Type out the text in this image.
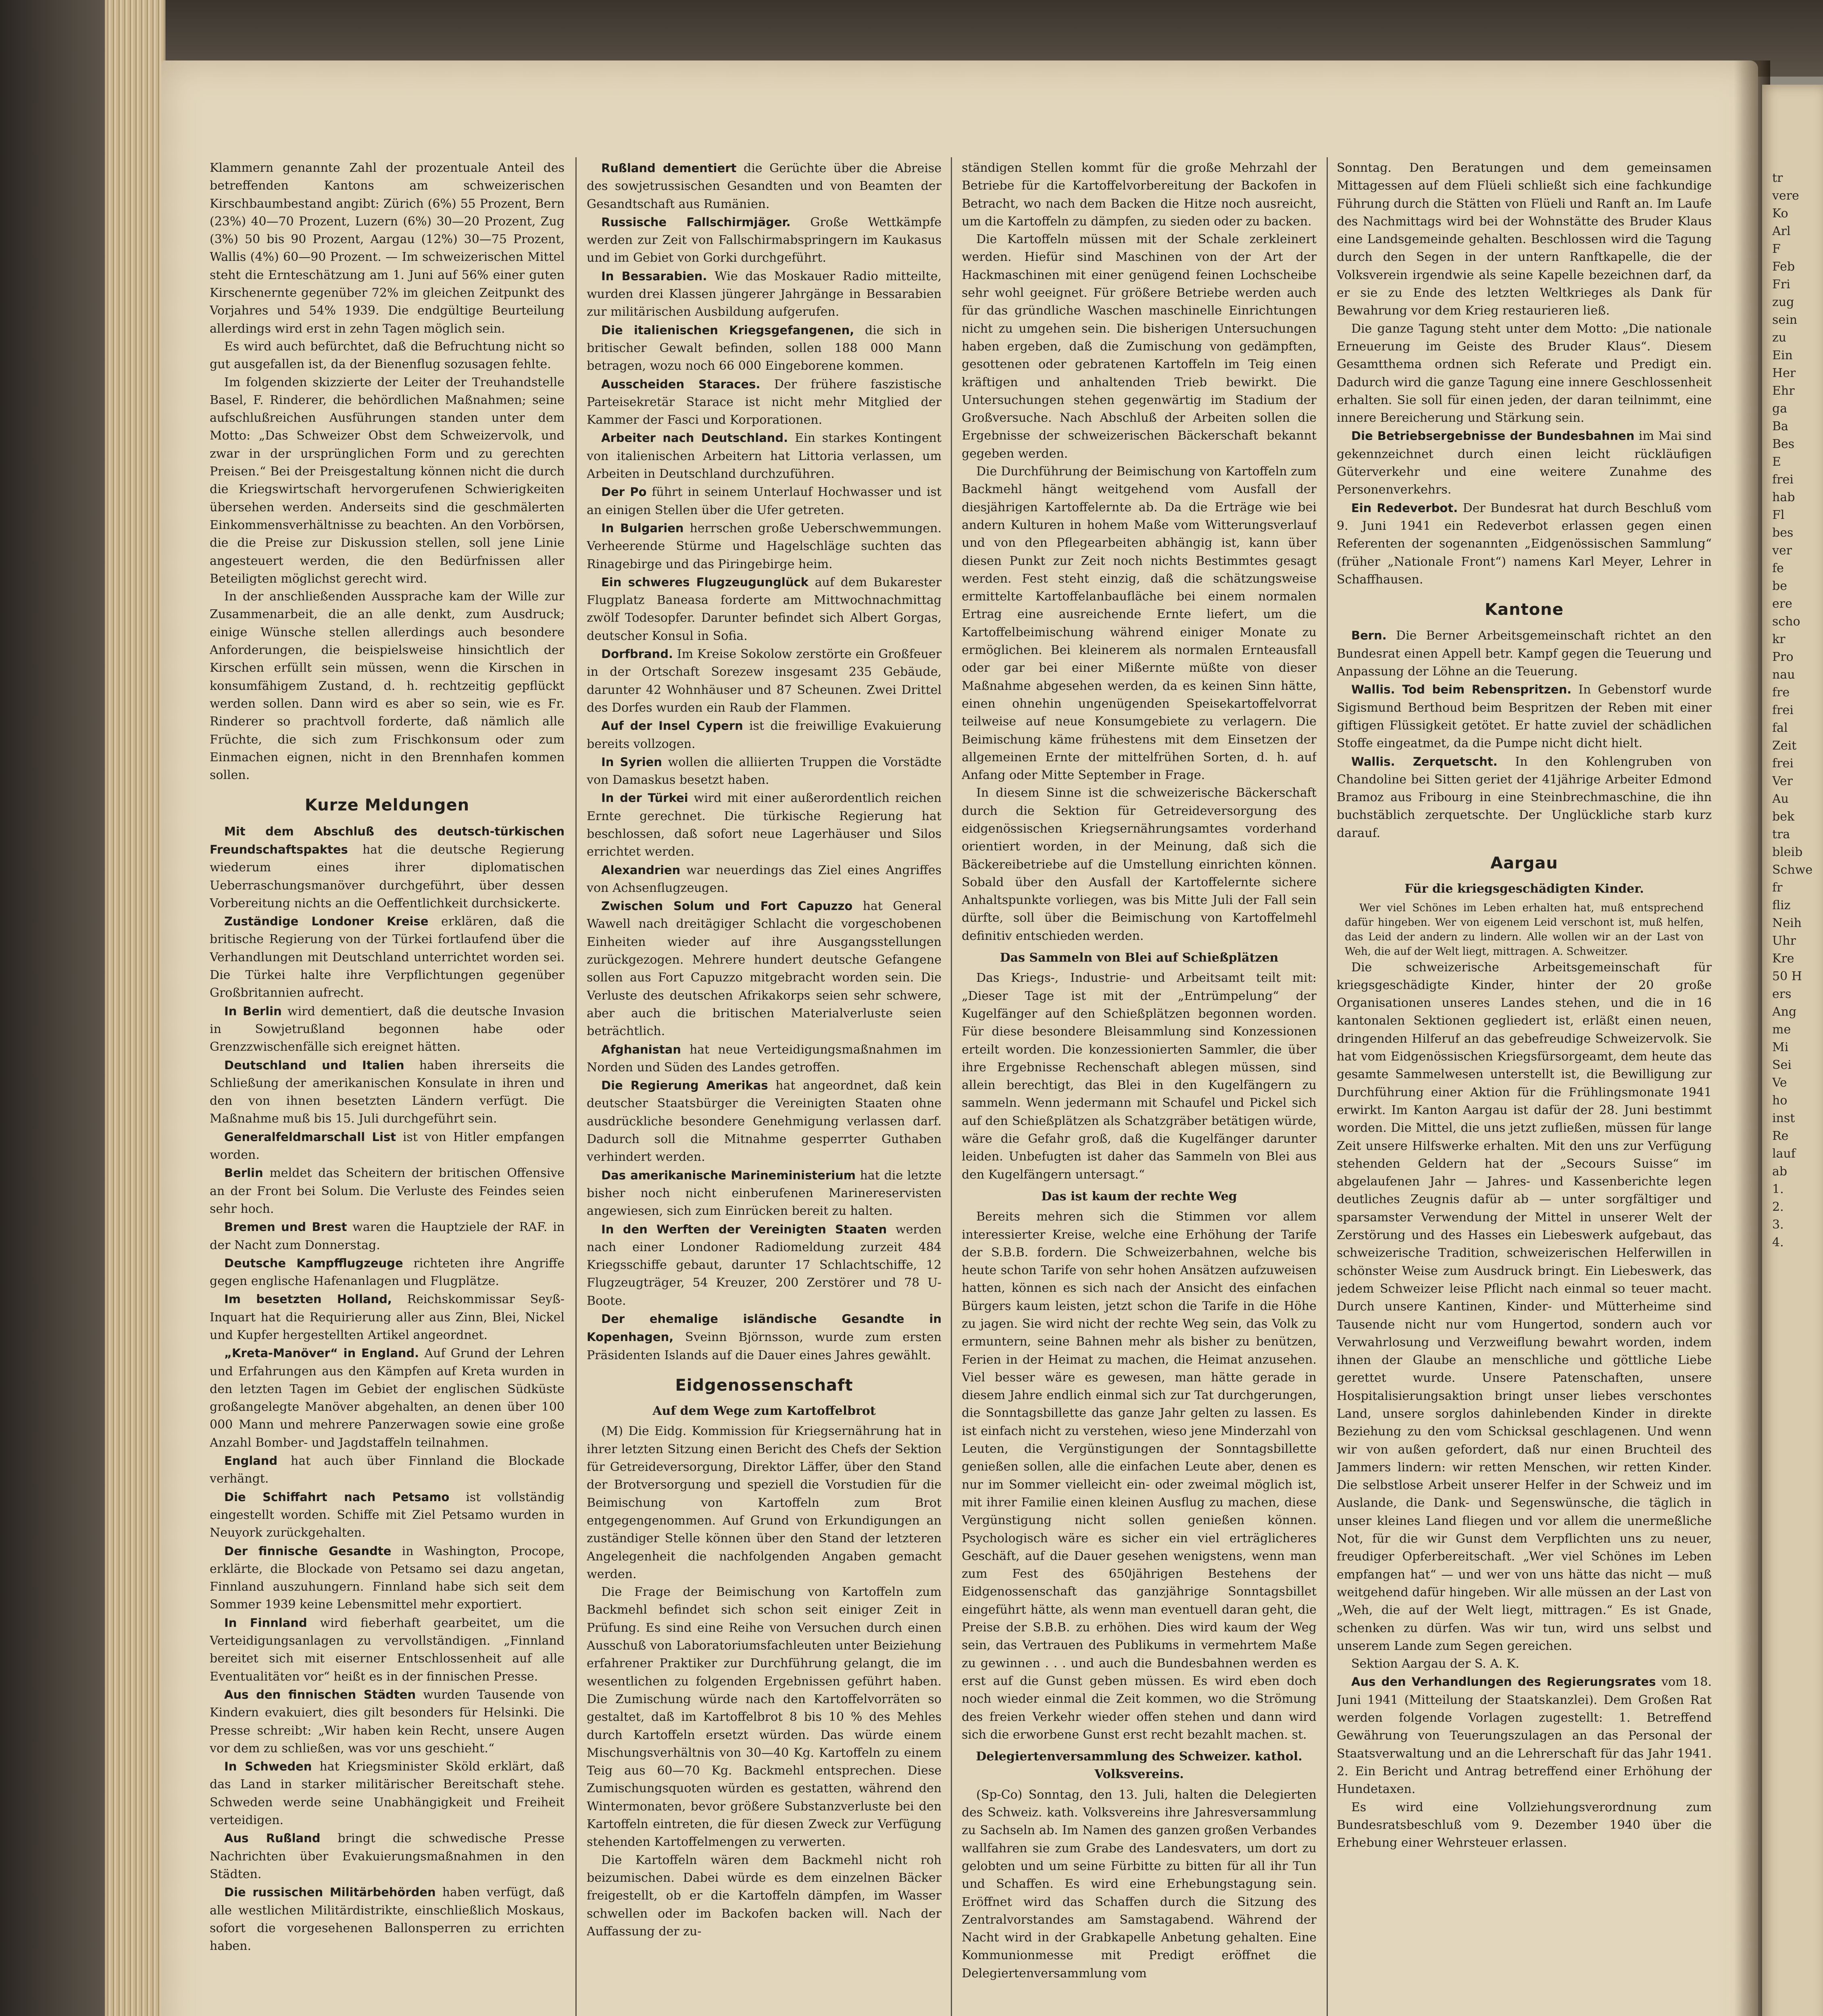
Klammern genannte Zahl der prozentuale Anteil des betreffenden Kantons am schweizerischen Kirschbaumbestand angibt: Zürich (6%) 55 Prozent, Bern (23%) 40—70 Prozent, Luzern (6%) 30—20 Prozent, Zug (3%) 50 bis 90 Prozent, Aargau (12%) 30—75 Prozent, Wallis (4%) 60—90 Prozent. — Im schweizerischen Mittel steht die Ernteschätzung am 1. Juni auf 56% einer guten Kirschenernte gegenüber 72% im gleichen Zeitpunkt des Vorjahres und 54% 1939. Die endgültige Beurteilung allerdings wird erst in zehn Tagen möglich sein.

Es wird auch befürchtet, daß die Befruchtung nicht so gut ausgefallen ist, da der Bienenflug sozusagen fehlte.

Im folgenden skizzierte der Leiter der Treuhandstelle Basel, F. Rinderer, die behördlichen Maßnahmen; seine aufschlußreichen Ausführungen standen unter dem Motto: „Das Schweizer Obst dem Schweizervolk, und zwar in der ursprünglichen Form und zu gerechten Preisen.“ Bei der Preisgestaltung können nicht die durch die Kriegswirtschaft hervorgerufenen Schwierigkeiten übersehen werden. Anderseits sind die geschmälerten Einkommensverhältnisse zu beachten. An den Vorbörsen, die die Preise zur Diskussion stellen, soll jene Linie angesteuert werden, die den Bedürfnissen aller Beteiligten möglichst gerecht wird.

In der anschließenden Aussprache kam der Wille zur Zusammenarbeit, die an alle denkt, zum Ausdruck; einige Wünsche stellen allerdings auch besondere Anforderungen, die beispielsweise hinsichtlich der Kirschen erfüllt sein müssen, wenn die Kirschen in konsumfähigem Zustand, d. h. rechtzeitig gepflückt werden sollen. Dann wird es aber so sein, wie es Fr. Rinderer so prachtvoll forderte, daß nämlich alle Früchte, die sich zum Frischkonsum oder zum Einmachen eignen, nicht in den Brennhafen kommen sollen.

Kurze Meldungen

Mit dem Abschluß des deutsch-türkischen Freundschaftspaktes hat die deutsche Regierung wiederum eines ihrer diplomatischen Ueberraschungsmanöver durchgeführt, über dessen Vorbereitung nichts an die Oeffentlichkeit durchsickerte.

Zuständige Londoner Kreise erklären, daß die britische Regierung von der Türkei fortlaufend über die Verhandlungen mit Deutschland unterrichtet worden sei. Die Türkei halte ihre Verpflichtungen gegenüber Großbritannien aufrecht.

In Berlin wird dementiert, daß die deutsche Invasion in Sowjetrußland begonnen habe oder Grenzzwischenfälle sich ereignet hätten.

Deutschland und Italien haben ihrerseits die Schließung der amerikanischen Konsulate in ihren und den von ihnen besetzten Ländern verfügt. Die Maßnahme muß bis 15. Juli durchgeführt sein.

Generalfeldmarschall List ist von Hitler empfangen worden.

Berlin meldet das Scheitern der britischen Offensive an der Front bei Solum. Die Verluste des Feindes seien sehr hoch.

Bremen und Brest waren die Hauptziele der RAF. in der Nacht zum Donnerstag.

Deutsche Kampfflugzeuge richteten ihre Angriffe gegen englische Hafenanlagen und Flugplätze.

Im besetzten Holland, Reichskommissar Seyß-Inquart hat die Requirierung aller aus Zinn, Blei, Nickel und Kupfer hergestellten Artikel angeordnet.

„Kreta-Manöver“ in England. Auf Grund der Lehren und Erfahrungen aus den Kämpfen auf Kreta wurden in den letzten Tagen im Gebiet der englischen Südküste großangelegte Manöver abgehalten, an denen über 100 000 Mann und mehrere Panzerwagen sowie eine große Anzahl Bomber- und Jagdstaffeln teilnahmen.

England hat auch über Finnland die Blockade verhängt.

Die Schiffahrt nach Petsamo ist vollständig eingestellt worden. Schiffe mit Ziel Petsamo wurden in Neuyork zurückgehalten.

Der finnische Gesandte in Washington, Procope, erklärte, die Blockade von Petsamo sei dazu angetan, Finnland auszuhungern. Finnland habe sich seit dem Sommer 1939 keine Lebensmittel mehr exportiert.

In Finnland wird fieberhaft gearbeitet, um die Verteidigungsanlagen zu vervollständigen. „Finnland bereitet sich mit eiserner Entschlossenheit auf alle Eventualitäten vor“ heißt es in der finnischen Presse.

Aus den finnischen Städten wurden Tausende von Kindern evakuiert, dies gilt besonders für Helsinki. Die Presse schreibt: „Wir haben kein Recht, unsere Augen vor dem zu schließen, was vor uns geschieht.“

In Schweden hat Kriegsminister Sköld erklärt, daß das Land in starker militärischer Bereitschaft stehe. Schweden werde seine Unabhängigkeit und Freiheit verteidigen.

Aus Rußland bringt die schwedische Presse Nachrichten über Evakuierungsmaßnahmen in den Städten.

Die russischen Militärbehörden haben verfügt, daß alle westlichen Militärdistrikte, einschließlich Moskaus, sofort die vorgesehenen Ballonsperren zu errichten haben.

Rußland dementiert die Gerüchte über die Abreise des sowjetrussischen Gesandten und von Beamten der Gesandtschaft aus Rumänien.

Russische Fallschirmjäger. Große Wettkämpfe werden zur Zeit von Fallschirmabspringern im Kaukasus und im Gebiet von Gorki durchgeführt.

In Bessarabien. Wie das Moskauer Radio mitteilte, wurden drei Klassen jüngerer Jahrgänge in Bessarabien zur militärischen Ausbildung aufgerufen.

Die italienischen Kriegsgefangenen, die sich in britischer Gewalt befinden, sollen 188 000 Mann betragen, wozu noch 66 000 Eingeborene kommen.

Ausscheiden Staraces. Der frühere faszistische Parteisekretär Starace ist nicht mehr Mitglied der Kammer der Fasci und Korporationen.

Arbeiter nach Deutschland. Ein starkes Kontingent von italienischen Arbeitern hat Littoria verlassen, um Arbeiten in Deutschland durchzuführen.

Der Po führt in seinem Unterlauf Hochwasser und ist an einigen Stellen über die Ufer getreten.

In Bulgarien herrschen große Ueberschwemmungen. Verheerende Stürme und Hagelschläge suchten das Rinagebirge und das Piringebirge heim.

Ein schweres Flugzeugunglück auf dem Bukarester Flugplatz Baneasa forderte am Mittwochnachmittag zwölf Todesopfer. Darunter befindet sich Albert Gorgas, deutscher Konsul in Sofia.

Dorfbrand. Im Kreise Sokolow zerstörte ein Großfeuer in der Ortschaft Sorezew insgesamt 235 Gebäude, darunter 42 Wohnhäuser und 87 Scheunen. Zwei Drittel des Dorfes wurden ein Raub der Flammen.

Auf der Insel Cypern ist die freiwillige Evakuierung bereits vollzogen.

In Syrien wollen die alliierten Truppen die Vorstädte von Damaskus besetzt haben.

In der Türkei wird mit einer außerordentlich reichen Ernte gerechnet. Die türkische Regierung hat beschlossen, daß sofort neue Lagerhäuser und Silos errichtet werden.

Alexandrien war neuerdings das Ziel eines Angriffes von Achsenflugzeugen.

Zwischen Solum und Fort Capuzzo hat General Wawell nach dreitägiger Schlacht die vorgeschobenen Einheiten wieder auf ihre Ausgangsstellungen zurückgezogen. Mehrere hundert deutsche Gefangene sollen aus Fort Capuzzo mitgebracht worden sein. Die Verluste des deutschen Afrikakorps seien sehr schwere, aber auch die britischen Materialverluste seien beträchtlich.

Afghanistan hat neue Verteidigungsmaßnahmen im Norden und Süden des Landes getroffen.

Die Regierung Amerikas hat angeordnet, daß kein deutscher Staatsbürger die Vereinigten Staaten ohne ausdrückliche besondere Genehmigung verlassen darf. Dadurch soll die Mitnahme gesperrter Guthaben verhindert werden.

Das amerikanische Marineministerium hat die letzte bisher noch nicht einberufenen Marinereservisten angewiesen, sich zum Einrücken bereit zu halten.

In den Werften der Vereinigten Staaten werden nach einer Londoner Radiomeldung zurzeit 484 Kriegsschiffe gebaut, darunter 17 Schlachtschiffe, 12 Flugzeugträger, 54 Kreuzer, 200 Zerstörer und 78 U-Boote.

Der ehemalige isländische Gesandte in Kopenhagen, Sveinn Björnsson, wurde zum ersten Präsidenten Islands auf die Dauer eines Jahres gewählt.

Eidgenossenschaft

Auf dem Wege zum Kartoffelbrot

(M) Die Eidg. Kommission für Kriegsernährung hat in ihrer letzten Sitzung einen Bericht des Chefs der Sektion für Getreideversorgung, Direktor Läffer, über den Stand der Brotversorgung und speziell die Vorstudien für die Beimischung von Kartoffeln zum Brot entgegengenommen. Auf Grund von Erkundigungen an zuständiger Stelle können über den Stand der letzteren Angelegenheit die nachfolgenden Angaben gemacht werden.

Die Frage der Beimischung von Kartoffeln zum Backmehl befindet sich schon seit einiger Zeit in Prüfung. Es sind eine Reihe von Versuchen durch einen Ausschuß von Laboratoriumsfachleuten unter Beiziehung erfahrener Praktiker zur Durchführung gelangt, die im wesentlichen zu folgenden Ergebnissen geführt haben. Die Zumischung würde nach den Kartoffelvorräten so gestaltet, daß im Kartoffelbrot 8 bis 10 % des Mehles durch Kartoffeln ersetzt würden. Das würde einem Mischungsverhältnis von 30—40 Kg. Kartoffeln zu einem Teig aus 60—70 Kg. Backmehl entsprechen. Diese Zumischungsquoten würden es gestatten, während den Wintermonaten, bevor größere Substanzverluste bei den Kartoffeln eintreten, die für diesen Zweck zur Verfügung stehenden Kartoffelmengen zu verwerten.

Die Kartoffeln wären dem Backmehl nicht roh beizumischen. Dabei würde es dem einzelnen Bäcker freigestellt, ob er die Kartoffeln dämpfen, im Wasser schwellen oder im Backofen backen will. Nach der Auffassung der zu-

ständigen Stellen kommt für die große Mehrzahl der Betriebe für die Kartoffelvorbereitung der Backofen in Betracht, wo nach dem Backen die Hitze noch ausreicht, um die Kartoffeln zu dämpfen, zu sieden oder zu backen.

Die Kartoffeln müssen mit der Schale zerkleinert werden. Hiefür sind Maschinen von der Art der Hackmaschinen mit einer genügend feinen Lochscheibe sehr wohl geeignet. Für größere Betriebe werden auch für das gründliche Waschen maschinelle Einrichtungen nicht zu umgehen sein. Die bisherigen Untersuchungen haben ergeben, daß die Zumischung von gedämpften, gesottenen oder gebratenen Kartoffeln im Teig einen kräftigen und anhaltenden Trieb bewirkt. Die Untersuchungen stehen gegenwärtig im Stadium der Großversuche. Nach Abschluß der Arbeiten sollen die Ergebnisse der schweizerischen Bäckerschaft bekannt gegeben werden.

Die Durchführung der Beimischung von Kartoffeln zum Backmehl hängt weitgehend vom Ausfall der diesjährigen Kartoffelernte ab. Da die Erträge wie bei andern Kulturen in hohem Maße vom Witterungsverlauf und von den Pflegearbeiten abhängig ist, kann über diesen Punkt zur Zeit noch nichts Bestimmtes gesagt werden. Fest steht einzig, daß die schätzungsweise ermittelte Kartoffelanbaufläche bei einem normalen Ertrag eine ausreichende Ernte liefert, um die Kartoffelbeimischung während einiger Monate zu ermöglichen. Bei kleinerem als normalen Ernteausfall oder gar bei einer Mißernte müßte von dieser Maßnahme abgesehen werden, da es keinen Sinn hätte, einen ohnehin ungenügenden Speisekartoffelvorrat teilweise auf neue Konsumgebiete zu verlagern. Die Beimischung käme frühestens mit dem Einsetzen der allgemeinen Ernte der mittelfrühen Sorten, d. h. auf Anfang oder Mitte September in Frage.

In diesem Sinne ist die schweizerische Bäckerschaft durch die Sektion für Getreideversorgung des eidgenössischen Kriegsernährungsamtes vorderhand orientiert worden, in der Meinung, daß sich die Bäckereibetriebe auf die Umstellung einrichten können. Sobald über den Ausfall der Kartoffelernte sichere Anhaltspunkte vorliegen, was bis Mitte Juli der Fall sein dürfte, soll über die Beimischung von Kartoffelmehl definitiv entschieden werden.

Das Sammeln von Blei auf Schießplätzen

Das Kriegs-, Industrie- und Arbeitsamt teilt mit: „Dieser Tage ist mit der „Entrümpelung“ der Kugelfänger auf den Schießplätzen begonnen worden. Für diese besondere Bleisammlung sind Konzessionen erteilt worden. Die konzessionierten Sammler, die über ihre Ergebnisse Rechenschaft ablegen müssen, sind allein berechtigt, das Blei in den Kugelfängern zu sammeln. Wenn jedermann mit Schaufel und Pickel sich auf den Schießplätzen als Schatzgräber betätigen würde, wäre die Gefahr groß, daß die Kugelfänger darunter leiden. Unbefugten ist daher das Sammeln von Blei aus den Kugelfängern untersagt.“

Das ist kaum der rechte Weg

Bereits mehren sich die Stimmen vor allem interessierter Kreise, welche eine Erhöhung der Tarife der S.B.B. fordern. Die Schweizerbahnen, welche bis heute schon Tarife von sehr hohen Ansätzen aufzuweisen hatten, können es sich nach der Ansicht des einfachen Bürgers kaum leisten, jetzt schon die Tarife in die Höhe zu jagen. Sie wird nicht der rechte Weg sein, das Volk zu ermuntern, seine Bahnen mehr als bisher zu benützen, Ferien in der Heimat zu machen, die Heimat anzusehen. Viel besser wäre es gewesen, man hätte gerade in diesem Jahre endlich einmal sich zur Tat durchgerungen, die Sonntagsbillette das ganze Jahr gelten zu lassen. Es ist einfach nicht zu verstehen, wieso jene Minderzahl von Leuten, die Vergünstigungen der Sonntagsbillette genießen sollen, alle die einfachen Leute aber, denen es nur im Sommer vielleicht ein- oder zweimal möglich ist, mit ihrer Familie einen kleinen Ausflug zu machen, diese Vergünstigung nicht sollen genießen können. Psychologisch wäre es sicher ein viel erträglicheres Geschäft, auf die Dauer gesehen wenigstens, wenn man zum Fest des 650jährigen Bestehens der Eidgenossenschaft das ganzjährige Sonntagsbillet eingeführt hätte, als wenn man eventuell daran geht, die Preise der S.B.B. zu erhöhen. Dies wird kaum der Weg sein, das Vertrauen des Publikums in vermehrtem Maße zu gewinnen . . . und auch die Bundesbahnen werden es erst auf die Gunst geben müssen. Es wird eben doch noch wieder einmal die Zeit kommen, wo die Strömung des freien Verkehr wieder offen stehen und dann wird sich die erworbene Gunst erst recht bezahlt machen. st.

Delegiertenversammlung des Schweizer. kathol. Volksvereins.

(Sp-Co) Sonntag, den 13. Juli, halten die Delegierten des Schweiz. kath. Volksvereins ihre Jahresversammlung zu Sachseln ab. Im Namen des ganzen großen Verbandes wallfahren sie zum Grabe des Landesvaters, um dort zu gelobten und um seine Fürbitte zu bitten für all ihr Tun und Schaffen. Es wird eine Erhebungstagung sein. Eröffnet wird das Schaffen durch die Sitzung des Zentralvorstandes am Samstagabend. Während der Nacht wird in der Grabkapelle Anbetung gehalten. Eine Kommunionmesse mit Predigt eröffnet die Delegiertenversammlung vom

Sonntag. Den Beratungen und dem gemeinsamen Mittagessen auf dem Flüeli schließt sich eine fachkundige Führung durch die Stätten von Flüeli und Ranft an. Im Laufe des Nachmittags wird bei der Wohnstätte des Bruder Klaus eine Landsgemeinde gehalten. Beschlossen wird die Tagung durch den Segen in der untern Ranftkapelle, die der Volksverein irgendwie als seine Kapelle bezeichnen darf, da er sie zu Ende des letzten Weltkrieges als Dank für Bewahrung vor dem Krieg restaurieren ließ.

Die ganze Tagung steht unter dem Motto: „Die nationale Erneuerung im Geiste des Bruder Klaus“. Diesem Gesamtthema ordnen sich Referate und Predigt ein. Dadurch wird die ganze Tagung eine innere Geschlossenheit erhalten. Sie soll für einen jeden, der daran teilnimmt, eine innere Bereicherung und Stärkung sein.

Die Betriebsergebnisse der Bundesbahnen im Mai sind gekennzeichnet durch einen leicht rückläufigen Güterverkehr und eine weitere Zunahme des Personenverkehrs.

Ein Redeverbot. Der Bundesrat hat durch Beschluß vom 9. Juni 1941 ein Redeverbot erlassen gegen einen Referenten der sogenannten „Eidgenössischen Sammlung“ (früher „Nationale Front“) namens Karl Meyer, Lehrer in Schaffhausen.

Kantone

Bern. Die Berner Arbeitsgemeinschaft richtet an den Bundesrat einen Appell betr. Kampf gegen die Teuerung und Anpassung der Löhne an die Teuerung.

Wallis. Tod beim Rebenspritzen. In Gebenstorf wurde Sigismund Berthoud beim Bespritzen der Reben mit einer giftigen Flüssigkeit getötet. Er hatte zuviel der schädlichen Stoffe eingeatmet, da die Pumpe nicht dicht hielt.

Wallis. Zerquetscht. In den Kohlengruben von Chandoline bei Sitten geriet der 41jährige Arbeiter Edmond Bramoz aus Fribourg in eine Steinbrechmaschine, die ihn buchstäblich zerquetschte. Der Unglückliche starb kurz darauf.

Aargau

Für die kriegsgeschädigten Kinder.

Wer viel Schönes im Leben erhalten hat, muß entsprechend dafür hingeben. Wer von eigenem Leid verschont ist, muß helfen, das Leid der andern zu lindern. Alle wollen wir an der Last von Weh, die auf der Welt liegt, mittragen. A. Schweitzer.

Die schweizerische Arbeitsgemeinschaft für kriegsgeschädigte Kinder, hinter der 20 große Organisationen unseres Landes stehen, und die in 16 kantonalen Sektionen gegliedert ist, erläßt einen neuen, dringenden Hilferuf an das gebefreudige Schweizervolk. Sie hat vom Eidgenössischen Kriegsfürsorgeamt, dem heute das gesamte Sammelwesen unterstellt ist, die Bewilligung zur Durchführung einer Aktion für die Frühlingsmonate 1941 erwirkt. Im Kanton Aargau ist dafür der 28. Juni bestimmt worden. Die Mittel, die uns jetzt zufließen, müssen für lange Zeit unsere Hilfswerke erhalten. Mit den uns zur Verfügung stehenden Geldern hat der „Secours Suisse“ im abgelaufenen Jahr — Jahres- und Kassenberichte legen deutliches Zeugnis dafür ab — unter sorgfältiger und sparsamster Verwendung der Mittel in unserer Welt der Zerstörung und des Hasses ein Liebeswerk aufgebaut, das schweizerische Tradition, schweizerischen Helferwillen in schönster Weise zum Ausdruck bringt. Ein Liebeswerk, das jedem Schweizer leise Pflicht nach einmal so teuer macht. Durch unsere Kantinen, Kinder- und Mütterheime sind Tausende nicht nur vom Hungertod, sondern auch vor Verwahrlosung und Verzweiflung bewahrt worden, indem ihnen der Glaube an menschliche und göttliche Liebe gerettet wurde. Unsere Patenschaften, unsere Hospitalisierungsaktion bringt unser liebes verschontes Land, unsere sorglos dahinlebenden Kinder in direkte Beziehung zu den vom Schicksal geschlagenen. Und wenn wir von außen gefordert, daß nur einen Bruchteil des Jammers lindern: wir retten Menschen, wir retten Kinder. Die selbstlose Arbeit unserer Helfer in der Schweiz und im Auslande, die Dank- und Segenswünsche, die täglich in unser kleines Land fliegen und vor allem die unermeßliche Not, für die wir Gunst dem Verpflichten uns zu neuer, freudiger Opferbereitschaft. „Wer viel Schönes im Leben empfangen hat“ — und wer von uns hätte das nicht — muß weitgehend dafür hingeben. Wir alle müssen an der Last von „Weh, die auf der Welt liegt, mittragen.“ Es ist Gnade, schenken zu dürfen. Was wir tun, wird uns selbst und unserem Lande zum Segen gereichen.

Sektion Aargau der S. A. K.

Aus den Verhandlungen des Regierungsrates vom 18. Juni 1941 (Mitteilung der Staatskanzlei). Dem Großen Rat werden folgende Vorlagen zugestellt: 1. Betreffend Gewährung von Teuerungszulagen an das Personal der Staatsverwaltung und an die Lehrerschaft für das Jahr 1941. 2. Ein Bericht und Antrag betreffend einer Erhöhung der Hundetaxen.

Es wird eine Vollziehungsverordnung zum Bundesratsbeschluß vom 9. Dezember 1940 über die Erhebung einer Wehrsteuer erlassen.

tr
vere
Ko
Arl
F
Feb
Fri
zug
sein
zu
Ein
Her
Ehr
ga
Ba
Bes
E
frei
hab
Fl
bes
ver
fe
be
ere
scho
kr
Pro
nau
fre
frei
fal
Zeit
frei
Ver
Au
bek
tra
bleib
Schwe
fr
fliz
Neih
Uhr
Kre
50 H
ers
Ang
me
Mi
Sei
Ve
ho
inst
Re
lauf
ab
1.
2.
3.
4.
